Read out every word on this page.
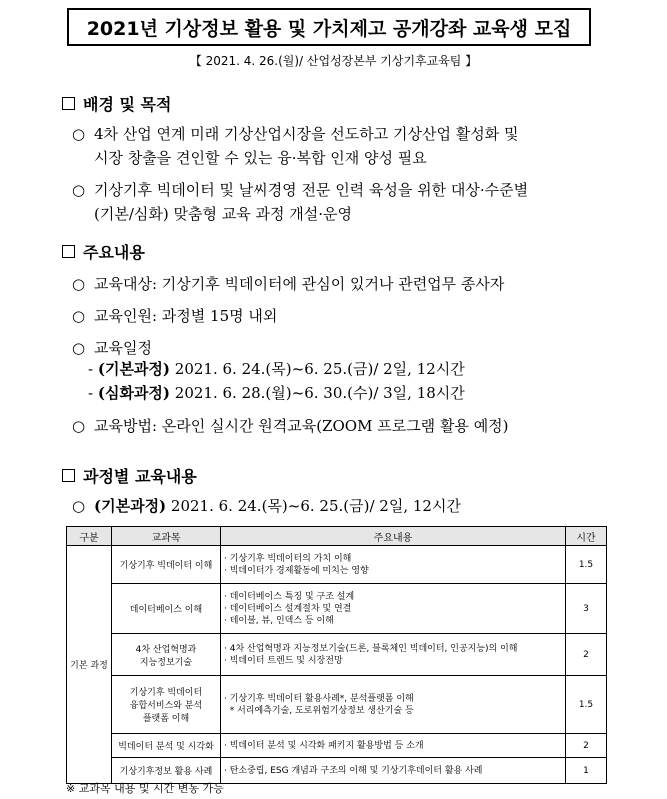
2021년 기상정보 활용 및 가치제고 공개강좌 교육생 모집
【 2021. 4. 26.(월)/ 산업성장본부 기상기후교육팀 】
배경 및 목적
○ 4차 산업 연계 미래 기상산업시장을 선도하고 기상산업 활성화 및
시장 창출을 견인할 수 있는 융·복합 인재 양성 필요
○ 기상기후 빅데이터 및 날씨경영 전문 인력 육성을 위한 대상·수준별
(기본/심화) 맞춤형 교육 과정 개설·운영
주요내용
○ 교육대상: 기상기후 빅데이터에 관심이 있거나 관련업무 종사자
○ 교육인원: 과정별 15명 내외
○ 교육일정
- (기본과정) 2021. 6. 24.(목)~6. 25.(금)/ 2일, 12시간
- (심화과정) 2021. 6. 28.(월)~6. 30.(수)/ 3일, 18시간
○ 교육방법: 온라인 실시간 원격교육(ZOOM 프로그램 활용 예정)
과정별 교육내용
○ (기본과정) 2021. 6. 24.(목)~6. 25.(금)/ 2일, 12시간
구분	교과목	주요내용	시간
기본 과정	기상기후 빅데이터 이해	· 기상기후 빅데이터의 가치 이해
· 빅데이터가 경제활동에 미치는 영향	1.5
	데이터베이스 이해	· 데이터베이스 특징 및 구조 설계
· 데이터베이스 설계절차 및 연결
· 테이블, 뷰, 인덱스 등 이해	3
	4차 산업혁명과
지능정보기술	· 4차 산업혁명과 지능정보기술(드론, 블록체인 빅데이터, 인공지능)의 이해
· 빅데이터 트렌드 및 시장전망	2
	기상기후 빅데이터
융합서비스와 분석
플랫폼 이해	· 기상기후 빅데이터 활용사례*, 분석플랫폼 이해
* 서리예측기술, 도로위험기상정보 생산기술 등	1.5
	빅데이터 분석 및 시각화	· 빅데이터 분석 및 시각화 패키지 활용방법 등 소개	2
	기상기후정보 활용 사례	· 탄소중립, ESG 개념과 구조의 이해 및 기상기후데이터 활용 사례	1
※ 교과목 내용 및 시간 변동 가능
